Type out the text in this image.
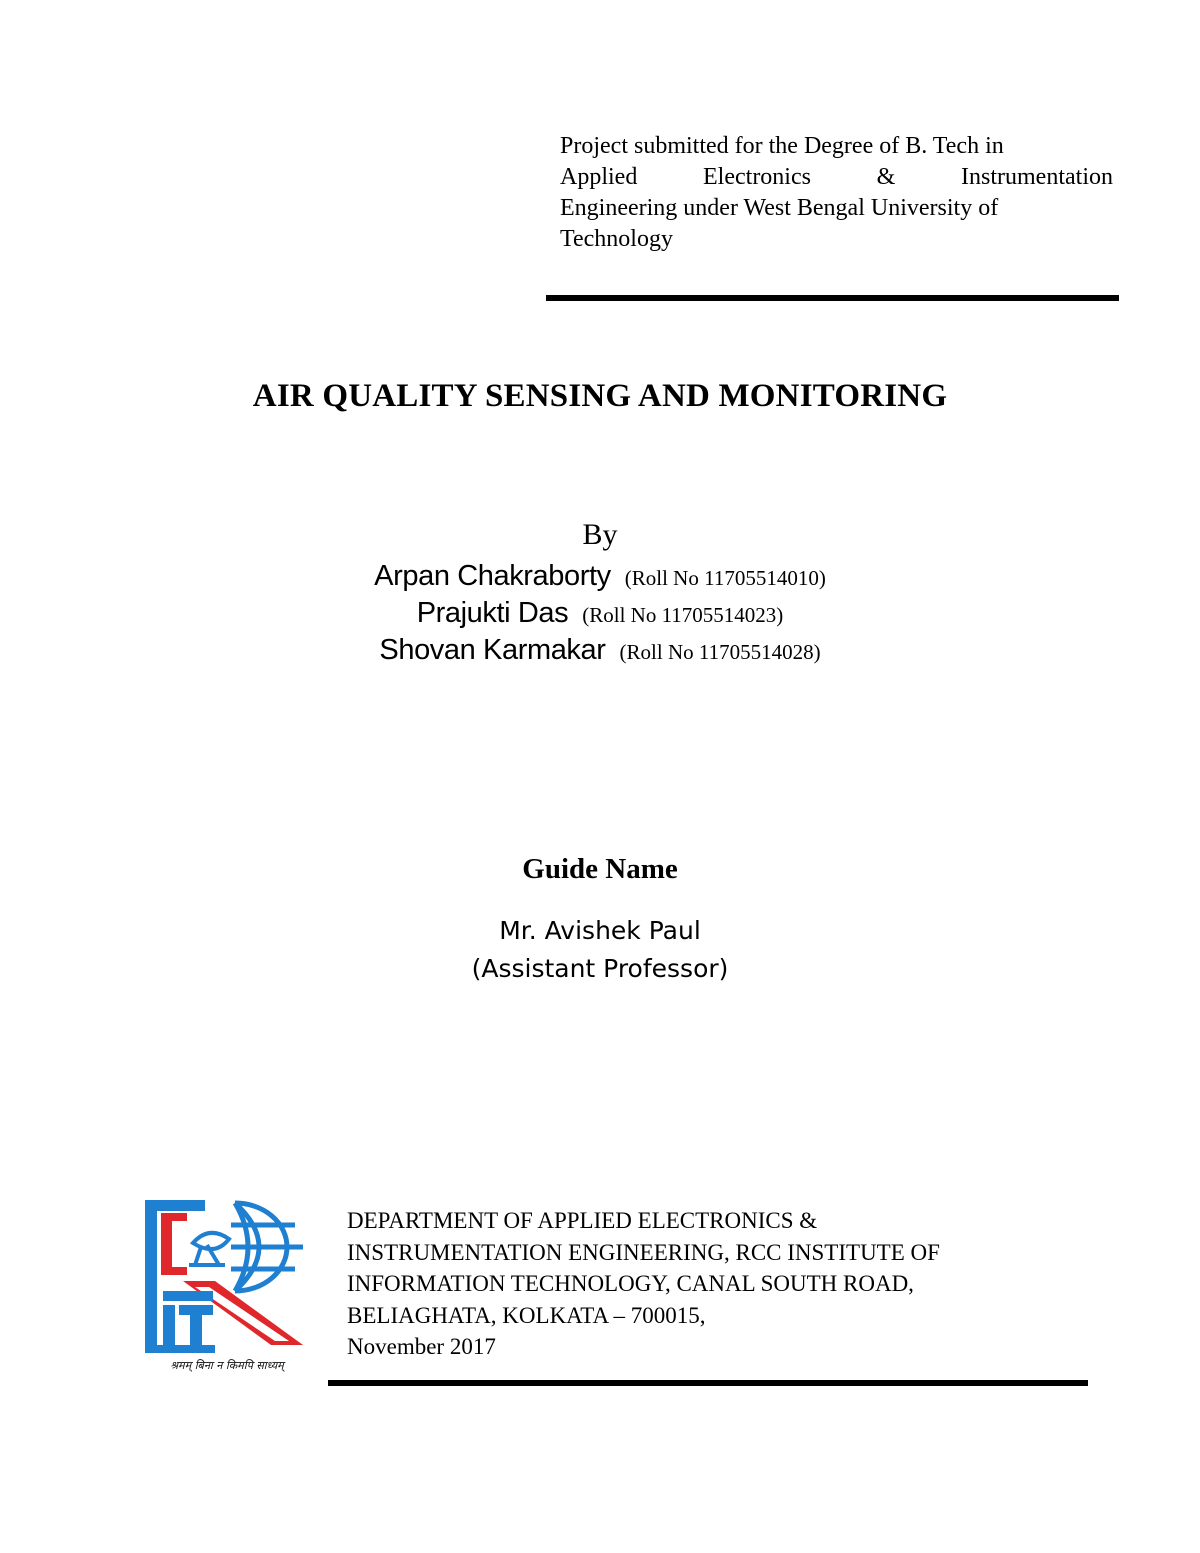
Project submitted for the Degree of B. Tech in
Applied Electronics & Instrumentation
Engineering under West Bengal University of
Technology
AIR QUALITY SENSING AND MONITORING
By
Arpan Chakraborty (Roll No 11705514010)
Prajukti Das (Roll No 11705514023)
Shovan Karmakar (Roll No 11705514028)
Guide Name
Mr. Avishek Paul
(Assistant Professor)
श्रमम् बिना न किमपि साध्यम्
DEPARTMENT OF APPLIED ELECTRONICS &
INSTRUMENTATION ENGINEERING, RCC INSTITUTE OF
INFORMATION TECHNOLOGY, CANAL SOUTH ROAD,
BELIAGHATA, KOLKATA – 700015,
November 2017
